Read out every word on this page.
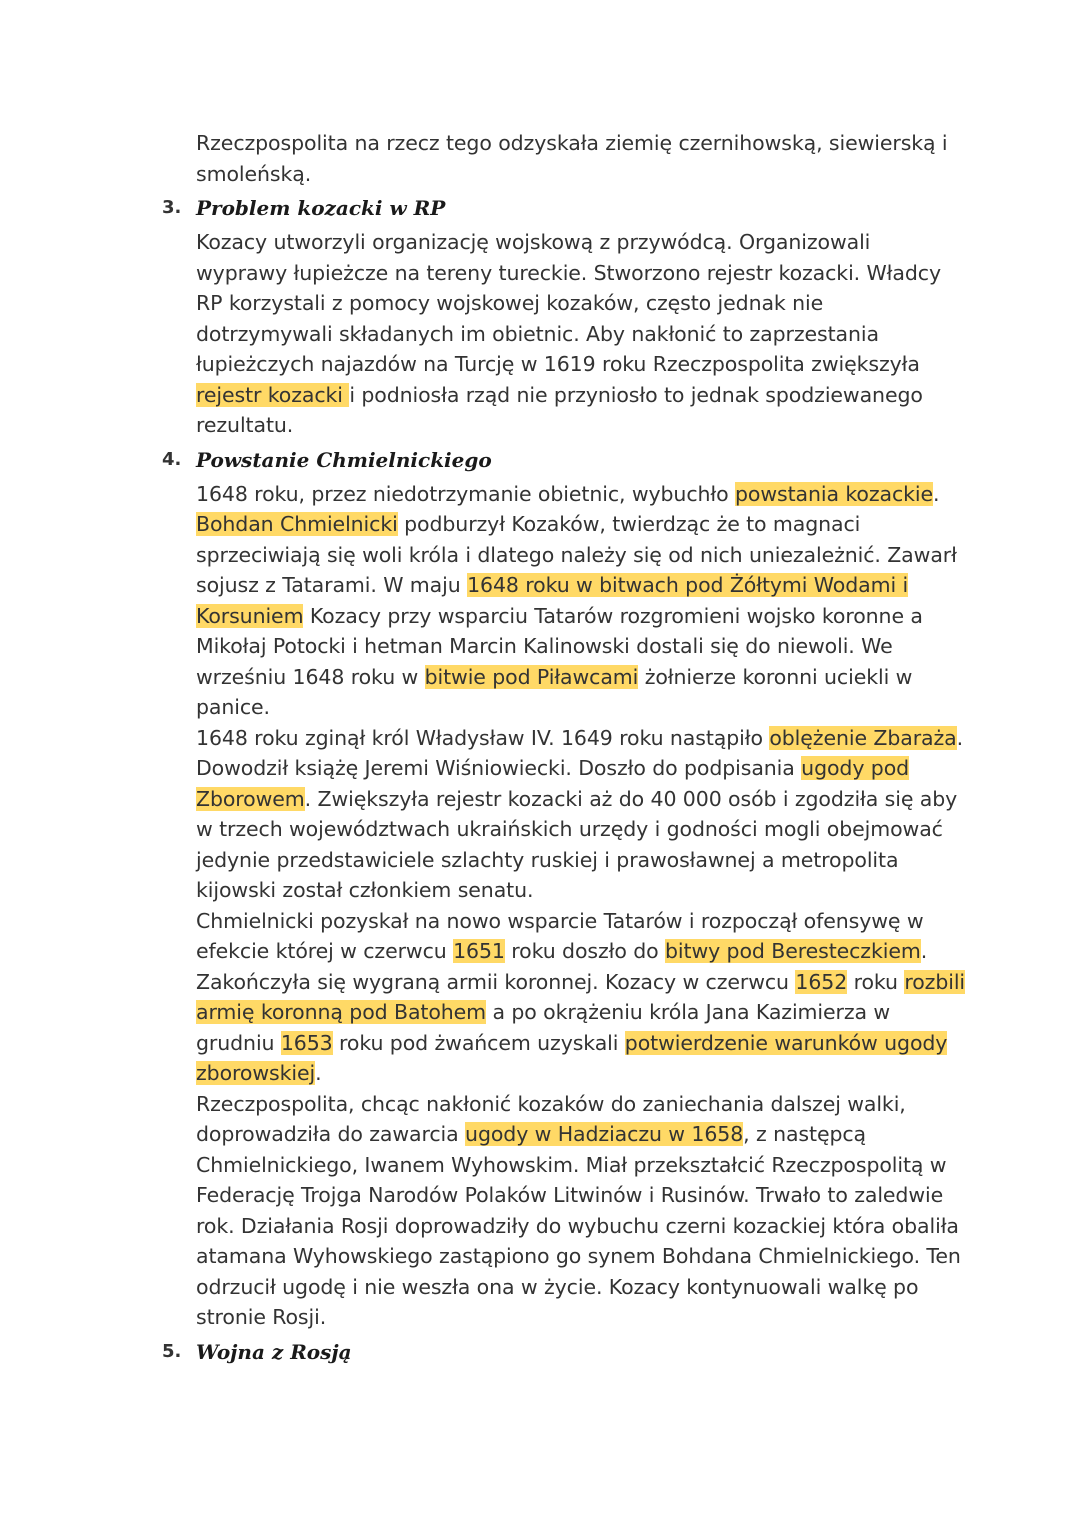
Rzeczpospolita na rzecz tego odzyskała ziemię czernihowską, siewierską i smoleńską.

3. Problem kozacki w RP

Kozacy utworzyli organizację wojskową z przywódcą. Organizowali wyprawy łupieżcze na tereny tureckie. Stworzono rejestr kozacki. Władcy RP korzystali z pomocy wojskowej kozaków, często jednak nie dotrzymywali składanych im obietnic. Aby nakłonić to zaprzestania łupieżczych najazdów na Turcję w 1619 roku Rzeczpospolita zwiększyła rejestr kozacki i podniosła rząd nie przyniosło to jednak spodziewanego rezultatu.

4. Powstanie Chmielnickiego

1648 roku, przez niedotrzymanie obietnic, wybuchło powstania kozackie. Bohdan Chmielnicki podburzył Kozaków, twierdząc że to magnaci sprzeciwiają się woli króla i dlatego należy się od nich uniezależnić. Zawarł sojusz z Tatarami. W maju 1648 roku w bitwach pod Żółtymi Wodami i Korsuniem Kozacy przy wsparciu Tatarów rozgromieni wojsko koronne a Mikołaj Potocki i hetman Marcin Kalinowski dostali się do niewoli. We wrześniu 1648 roku w bitwie pod Piławcami żołnierze koronni uciekli w panice.

1648 roku zginął król Władysław IV. 1649 roku nastąpiło oblężenie Zbaraża. Dowodził książę Jeremi Wiśniowiecki. Doszło do podpisania ugody pod Zborowem. Zwiększyła rejestr kozacki aż do 40 000 osób i zgodziła się aby w trzech województwach ukraińskich urzędy i godności mogli obejmować jedynie przedstawiciele szlachty ruskiej i prawosławnej a metropolita kijowski został członkiem senatu.

Chmielnicki pozyskał na nowo wsparcie Tatarów i rozpoczął ofensywę w efekcie której w czerwcu 1651 roku doszło do bitwy pod Beresteczkiem. Zakończyła się wygraną armii koronnej. Kozacy w czerwcu 1652 roku rozbili armię koronną pod Batohem a po okrążeniu króla Jana Kazimierza w grudniu 1653 roku pod żwańcem uzyskali potwierdzenie warunków ugody zborowskiej.

Rzeczpospolita, chcąc nakłonić kozaków do zaniechania dalszej walki, doprowadziła do zawarcia ugody w Hadziaczu w 1658, z następcą Chmielnickiego, Iwanem Wyhowskim. Miał przekształcić Rzeczpospolitą w Federację Trojga Narodów Polaków Litwinów i Rusinów. Trwało to zaledwie rok. Działania Rosji doprowadziły do wybuchu czerni kozackiej która obaliła atamana Wyhowskiego zastąpiono go synem Bohdana Chmielnickiego. Ten odrzucił ugodę i nie weszła ona w życie. Kozacy kontynuowali walkę po stronie Rosji.

5. Wojna z Rosją
